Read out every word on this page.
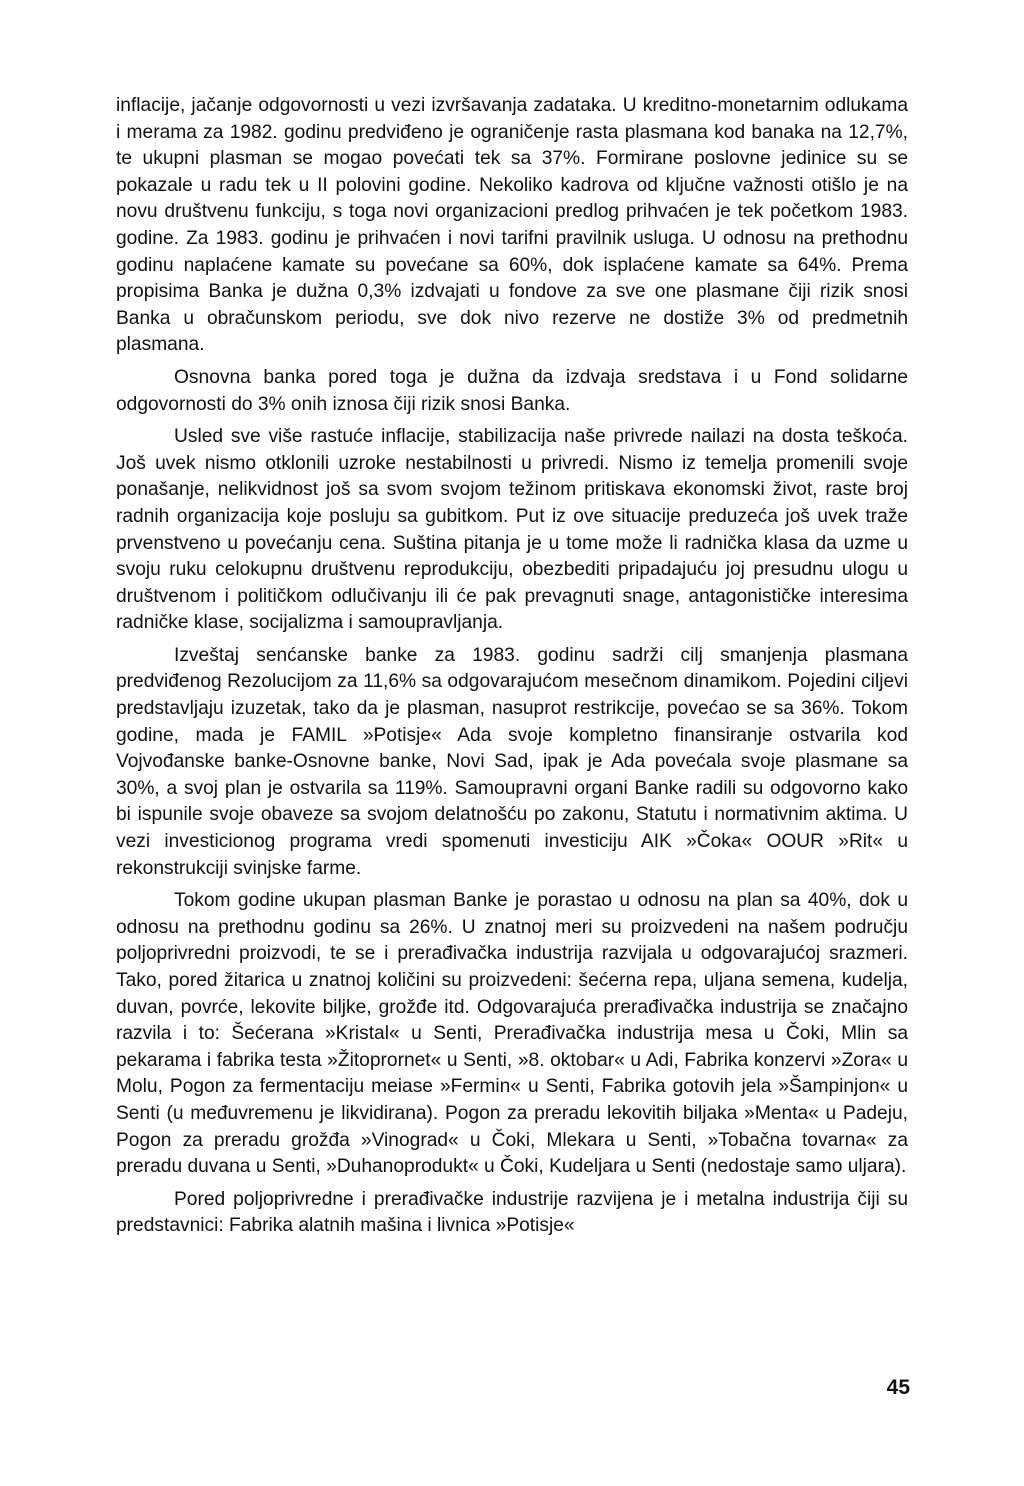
inflacije, jačanje odgovornosti u vezi izvršavanja zadataka. U kreditno-monetarnim odlukama i merama za 1982. godinu predviđeno je ograničenje rasta plasmana kod banaka na 12,7%, te ukupni plasman se mogao povećati tek sa 37%. Formirane poslovne jedinice su se pokazale u radu tek u II polovini godine. Nekoliko kadrova od ključne važnosti otišlo je na novu društvenu funkciju, s toga novi organizacioni predlog prihvaćen je tek početkom 1983. godine. Za 1983. godinu je prihvaćen i novi tarifni pravilnik usluga. U odnosu na prethodnu godinu naplaćene kamate su povećane sa 60%, dok isplaćene kamate sa 64%. Prema propisima Banka je dužna 0,3% izdvajati u fondove za sve one plasmane čiji rizik snosi Banka u obračunskom periodu, sve dok nivo rezerve ne dostiže 3% od predmetnih plasmana.

Osnovna banka pored toga je dužna da izdvaja sredstava i u Fond solidarne odgovornosti do 3% onih iznosa čiji rizik snosi Banka.

Usled sve više rastuće inflacije, stabilizacija naše privrede nailazi na dosta teškoća. Još uvek nismo otklonili uzroke nestabilnosti u privredi. Nismo iz temelja promenili svoje ponašanje, nelikvidnost još sa svom svojom težinom pritiskava ekonomski život, raste broj radnih organizacija koje posluju sa gubitkom. Put iz ove situacije preduzeća još uvek traže prvenstveno u povećanju cena. Suština pitanja je u tome može li radnička klasa da uzme u svoju ruku celokupnu društvenu reprodukciju, obezbediti pripadajuću joj presudnu ulogu u društvenom i političkom odlučivanju ili će pak prevagnuti snage, antagonističke interesima radničke klase, socijalizma i samoupravljanja.

Izveštaj senćanske banke za 1983. godinu sadrži cilj smanjenja plasmana predviđenog Rezolucijom za 11,6% sa odgovarajućom mesečnom dinamikom. Pojedini ciljevi predstavljaju izuzetak, tako da je plasman, nasuprot restrikcije, povećao se sa 36%. Tokom godine, mada je FAMIL »Potisje« Ada svoje kompletno finansiranje ostvarila kod Vojvođanske banke-Osnovne banke, Novi Sad, ipak je Ada povećala svoje plasmane sa 30%, a svoj plan je ostvarila sa 119%. Samoupravni organi Banke radili su odgovorno kako bi ispunile svoje obaveze sa svojom delatnošću po zakonu, Statutu i normativnim aktima. U vezi investicionog programa vredi spomenuti investiciju AIK »Čoka« OOUR »Rit« u rekonstrukciji svinjske farme.

Tokom godine ukupan plasman Banke je porastao u odnosu na plan sa 40%, dok u odnosu na prethodnu godinu sa 26%. U znatnoj meri su proizvedeni na našem području poljoprivredni proizvodi, te se i prerađivačka industrija razvijala u odgovarajućoj srazmeri. Tako, pored žitarica u znatnoj količini su proizvedeni: šećerna repa, uljana semena, kudelja, duvan, povrće, lekovite biljke, grožđe itd. Odgovarajuća prerađivačka industrija se značajno razvila i to: Šećerana »Kristal« u Senti, Prerađivačka industrija mesa u Čoki, Mlin sa pekarama i fabrika testa »Žitoprornet« u Senti, »8. oktobar« u Adi, Fabrika konzervi »Zora« u Molu, Pogon za fermentaciju meiase »Fermin« u Senti, Fabrika gotovih jela »Šampinjon« u Senti (u međuvremenu je likvidirana). Pogon za preradu lekovitih biljaka »Menta« u Padeju, Pogon za preradu grožđa »Vinograd« u Čoki, Mlekara u Senti, »Tobačna tovarna« za preradu duvana u Senti, »Duhanoprodukt« u Čoki, Kudeljara u Senti (nedostaje samo uljara).

Pored poljoprivredne i prerađivačke industrije razvijena je i metalna industrija čiji su predstavnici: Fabrika alatnih mašina i livnica »Potisje«

45
